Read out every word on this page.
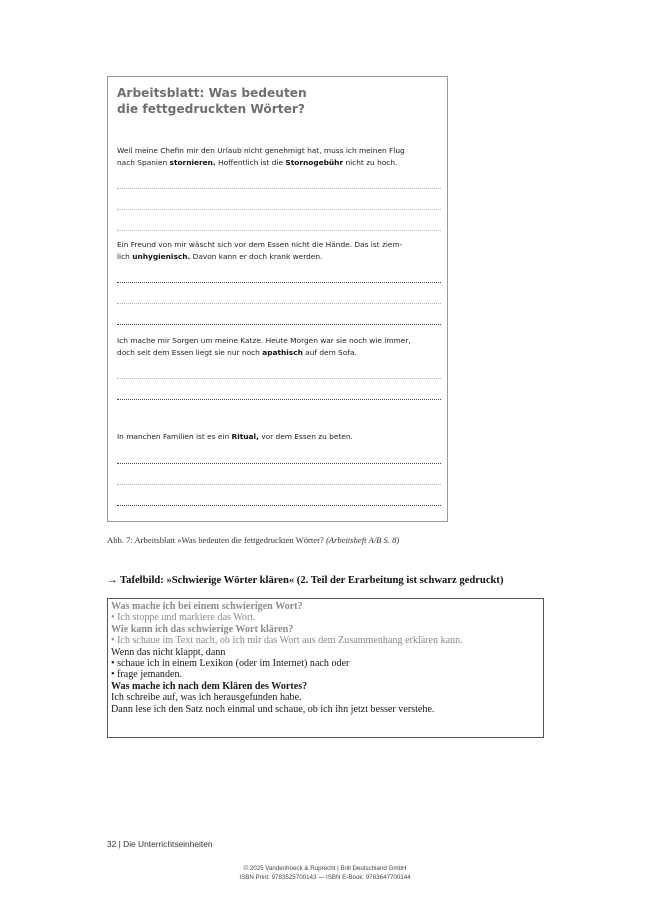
Arbeitsblatt: Was bedeuten
die fettgedruckten Wörter?

Weil meine Chefin mir den Urlaub nicht genehmigt hat, muss ich meinen Flug
nach Spanien stornieren. Hoffentlich ist die Stornogebühr nicht zu hoch.

Ein Freund von mir wäscht sich vor dem Essen nicht die Hände. Das ist ziem-
lich unhygienisch. Davon kann er doch krank werden.

Ich mache mir Sorgen um meine Katze. Heute Morgen war sie noch wie immer,
doch seit dem Essen liegt sie nur noch apathisch auf dem Sofa.

In manchen Familien ist es ein Ritual, vor dem Essen zu beten.

Abb. 7: Arbeitsblatt »Was bedeuten die fettgedruckten Wörter? (Arbeitsheft A/B S. 8)
→ Tafelbild: »Schwierige Wörter klären« (2. Teil der Erarbeitung ist schwarz gedruckt)
Was mache ich bei einem schwierigen Wort?
• Ich stoppe und markiere das Wort.
Wie kann ich das schwierige Wort klären?
• Ich schaue im Text nach, ob ich mir das Wort aus dem Zusammenhang erklären kann.
Wenn das nicht klappt, dann
• schaue ich in einem Lexikon (oder im Internet) nach oder
• frage jemanden.
Was mache ich nach dem Klären des Wortes?
Ich schreibe auf, was ich herausgefunden habe.
Dann lese ich den Satz noch einmal und schaue, ob ich ihn jetzt besser verstehe.
32 | Die Unterrichtseinheiten
© 2025 Vandenhoeck & Ruprecht | Brill Deutschland GmbH
ISBN Print: 9783525700143 — ISBN E-Book: 9783647700144
